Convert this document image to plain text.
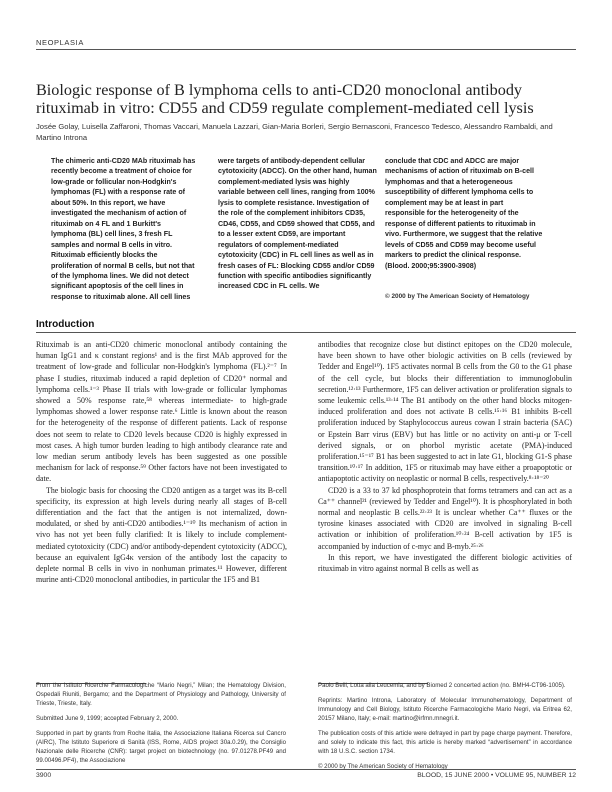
NEOPLASIA
Biologic response of B lymphoma cells to anti-CD20 monoclonal antibody rituximab in vitro: CD55 and CD59 regulate complement-mediated cell lysis
Josée Golay, Luisella Zaffaroni, Thomas Vaccari, Manuela Lazzari, Gian-Maria Borleri, Sergio Bernasconi, Francesco Tedesco, Alessandro Rambaldi, and Martino Introna
The chimeric anti-CD20 MAb rituximab has recently become a treatment of choice for low-grade or follicular non-Hodgkin's lymphomas (FL) with a response rate of about 50%. In this report, we have investigated the mechanism of action of rituximab on 4 FL and 1 Burkitt's lymphoma (BL) cell lines, 3 fresh FL samples and normal B cells in vitro. Rituximab efficiently blocks the proliferation of normal B cells, but not that of the lymphoma lines. We did not detect significant apoptosis of the cell lines in response to rituximab alone. All cell lines
were targets of antibody-dependent cellular cytotoxicity (ADCC). On the other hand, human complement-mediated lysis was highly variable between cell lines, ranging from 100% lysis to complete resistance. Investigation of the role of the complement inhibitors CD35, CD46, CD55, and CD59 showed that CD55, and to a lesser extent CD59, are important regulators of complement-mediated cytotoxicity (CDC) in FL cell lines as well as in fresh cases of FL: Blocking CD55 and/or CD59 function with specific antibodies significantly increased CDC in FL cells. We
conclude that CDC and ADCC are major mechanisms of action of rituximab on B-cell lymphomas and that a heterogeneous susceptibility of different lymphoma cells to complement may be at least in part responsible for the heterogeneity of the response of different patients to rituximab in vivo. Furthermore, we suggest that the relative levels of CD55 and CD59 may become useful markers to predict the clinical response. (Blood. 2000;95:3900-3908)
© 2000 by The American Society of Hematology
Introduction

Rituximab is an anti-CD20 chimeric monoclonal antibody containing the human IgG1 and κ constant regions¹ and is the first MAb approved for the treatment of low-grade and follicular non-Hodgkin's lymphoma (FL).²⁻⁷ In phase I studies, rituximab induced a rapid depletion of CD20⁺ normal and lymphoma cells.¹⁻³ Phase II trials with low-grade or follicular lymphomas showed a 50% response rate,⁵⁸ whereas intermediate- to high-grade lymphomas showed a lower response rate.⁶ Little is known about the reason for the heterogeneity of the response of different patients. Lack of response does not seem to relate to CD20 levels because CD20 is highly expressed in most cases. A high tumor burden leading to high antibody clearance rate and low median serum antibody levels has been suggested as one possible mechanism for lack of response.⁵⁹ Other factors have not been investigated to date.

The biologic basis for choosing the CD20 antigen as a target was its B-cell specificity, its expression at high levels during nearly all stages of B-cell differentiation and the fact that the antigen is not internalized, down-modulated, or shed by anti-CD20 antibodies.¹⁻¹⁰ Its mechanism of action in vivo has not yet been fully clarified: It is likely to include complement-mediated cytotoxicity (CDC) and/or antibody-dependent cytotoxicity (ADCC), because an equivalent IgG4κ version of the antibody lost the capacity to deplete normal B cells in vivo in nonhuman primates.¹¹ However, different murine anti-CD20 monoclonal antibodies, in particular the 1F5 and B1

antibodies that recognize close but distinct epitopes on the CD20 molecule, have been shown to have other biologic activities on B cells (reviewed by Tedder and Engel¹⁰). 1F5 activates normal B cells from the G0 to the G1 phase of the cell cycle, but blocks their differentiation to immunoglobulin secretion.¹²·¹³ Furthermore, 1F5 can deliver activation or proliferation signals to some leukemic cells.¹³·¹⁴ The B1 antibody on the other hand blocks mitogen-induced proliferation and does not activate B cells.¹⁵·¹⁶ B1 inhibits B-cell proliferation induced by Staphylococcus aureus cowan I strain bacteria (SAC) or Epstein Barr virus (EBV) but has little or no activity on anti-μ or T-cell derived signals, or on phorbol myristic acetate (PMA)-induced proliferation.¹⁵⁻¹⁷ B1 has been suggested to act in late G1, blocking G1-S phase transition.¹⁰·¹⁷ In addition, 1F5 or rituximab may have either a proapoptotic or antiapoptotic activity on neoplastic or normal B cells, respectively.⁸·¹⁸⁻²⁰

CD20 is a 33 to 37 kd phosphoprotein that forms tetramers and can act as a Ca⁺⁺ channel²¹ (reviewed by Tedder and Engel¹⁰). It is phosphorylated in both normal and neoplastic B cells.²²·²³ It is unclear whether Ca⁺⁺ fluxes or the tyrosine kinases associated with CD20 are involved in signaling B-cell activation or inhibition of proliferation.¹⁰·²⁴ B-cell activation by 1F5 is accompanied by induction of c-myc and B-myb.²⁵·²⁶

In this report, we have investigated the different biologic activities of rituximab in vitro against normal B cells as well as

From the Istituto Ricerche Farmacologiche “Mario Negri,” Milan; the Hematology Division, Ospedali Riuniti, Bergamo; and the Department of Physiology and Pathology, University of Trieste, Trieste, Italy.

Submitted June 9, 1999; accepted February 2, 2000.

Supported in part by grants from Roche Italia, the Associazione Italiana Ricerca sul Cancro (AIRC), The Istituto Superiore di Sanità (ISS, Rome, AIDS project 30a.0.29), the Consiglio Nazionale delle Ricerche (CNR): target project on biotechnology (no. 97.01278.PF49 and 99.00496.PF4), the Associazione

Paolo Belli, Lotta alla Leucemia, and by Biomed 2 concerted action (no. BMH4-CT96-1005).

Reprints: Martino Introna, Laboratory of Molecular Immunohematology, Department of Immunology and Cell Biology, Istituto Ricerche Farmacologiche Mario Negri, via Eritrea 62, 20157 Milano, Italy; e-mail: martino@irfmn.mnegri.it.

The publication costs of this article were defrayed in part by page charge payment. Therefore, and solely to indicate this fact, this article is hereby marked “advertisement” in accordance with 18 U.S.C. section 1734.

© 2000 by The American Society of Hematology

3900	BLOOD, 15 JUNE 2000 • VOLUME 95, NUMBER 12
